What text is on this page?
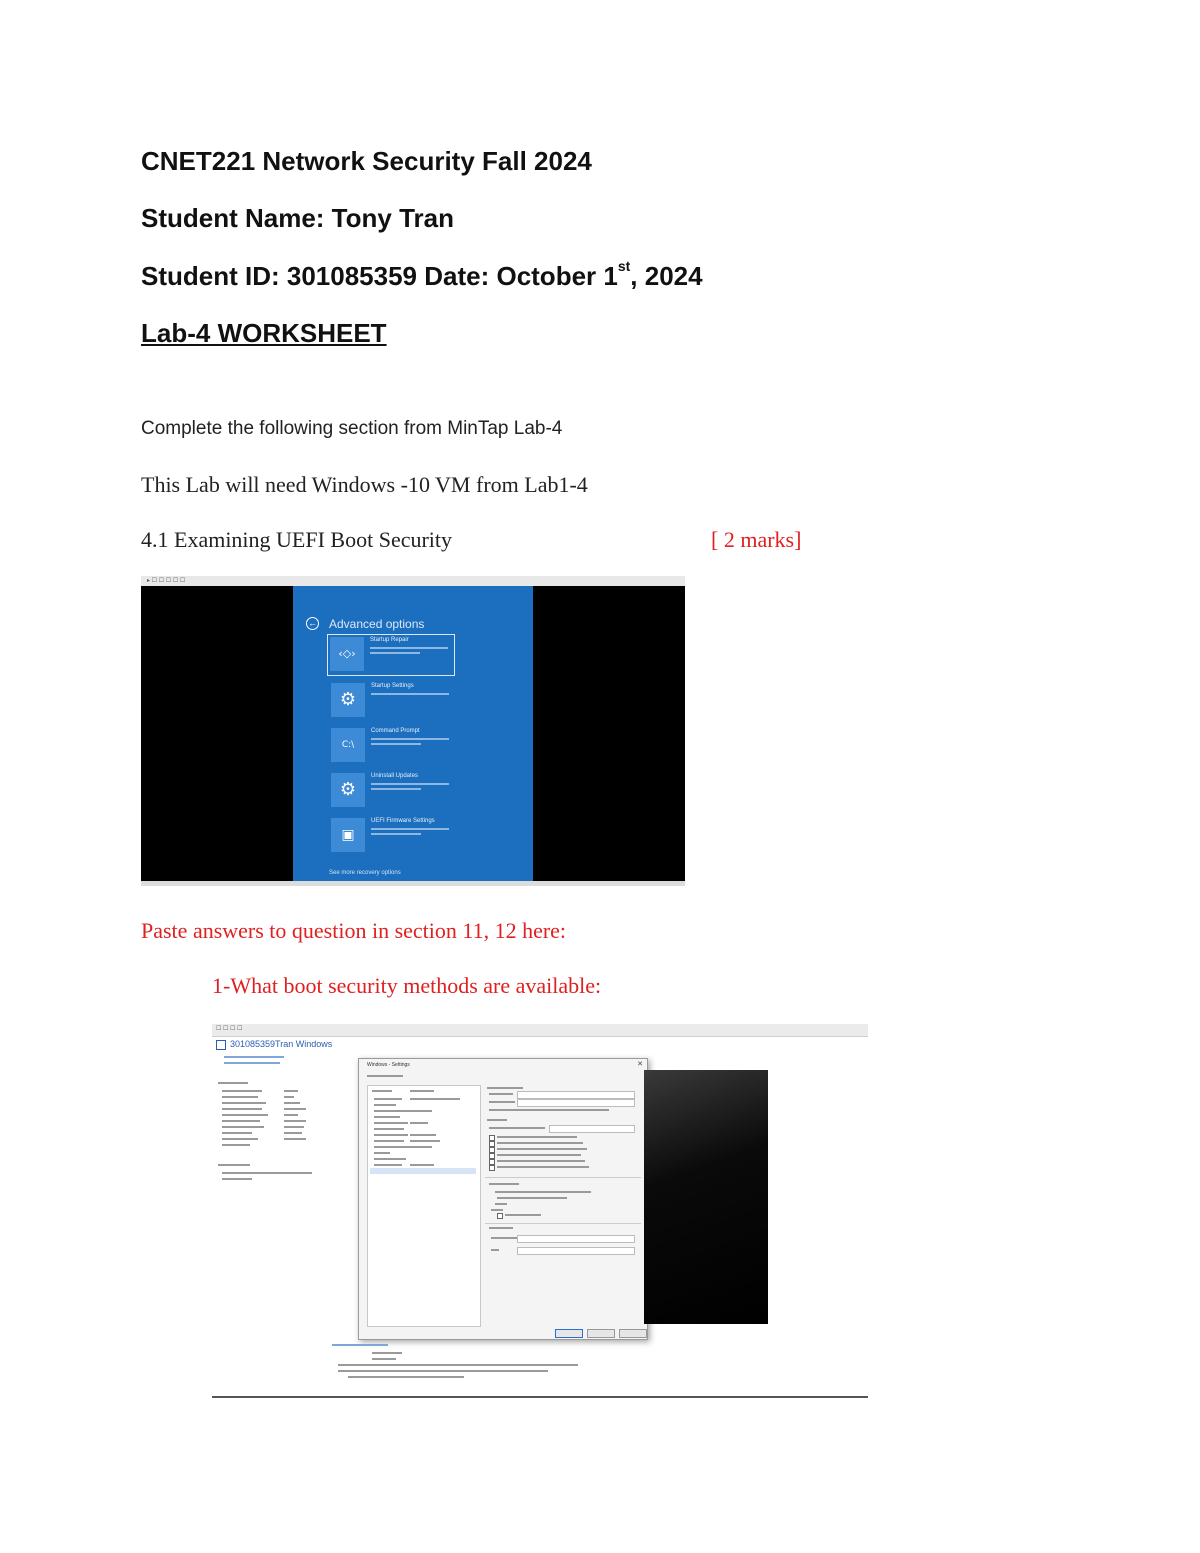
CNET221 Network Security Fall 2024
Student Name: Tony Tran
Student ID: 301085359 Date: October 1st, 2024
Lab-4 WORKSHEET
Complete the following section from MinTap Lab-4
This Lab will need Windows -10 VM from Lab1-4
4.1 Examining UEFI Boot Security	[ 2 marks]
▸ ☐ ☐ ☐ ☐ ☐
← Advanced options
‹◇›
Startup Repair
⚙
Startup Settings
C:\
Command Prompt
⚙
Uninstall Updates
▣
UEFI Firmware Settings
See more recovery options
Paste answers to question in section 11, 12 here:
1-What boot security methods are available:
☐ ☐ ☐ ☐
301085359Tran Windows
Windows - Settings	✕
